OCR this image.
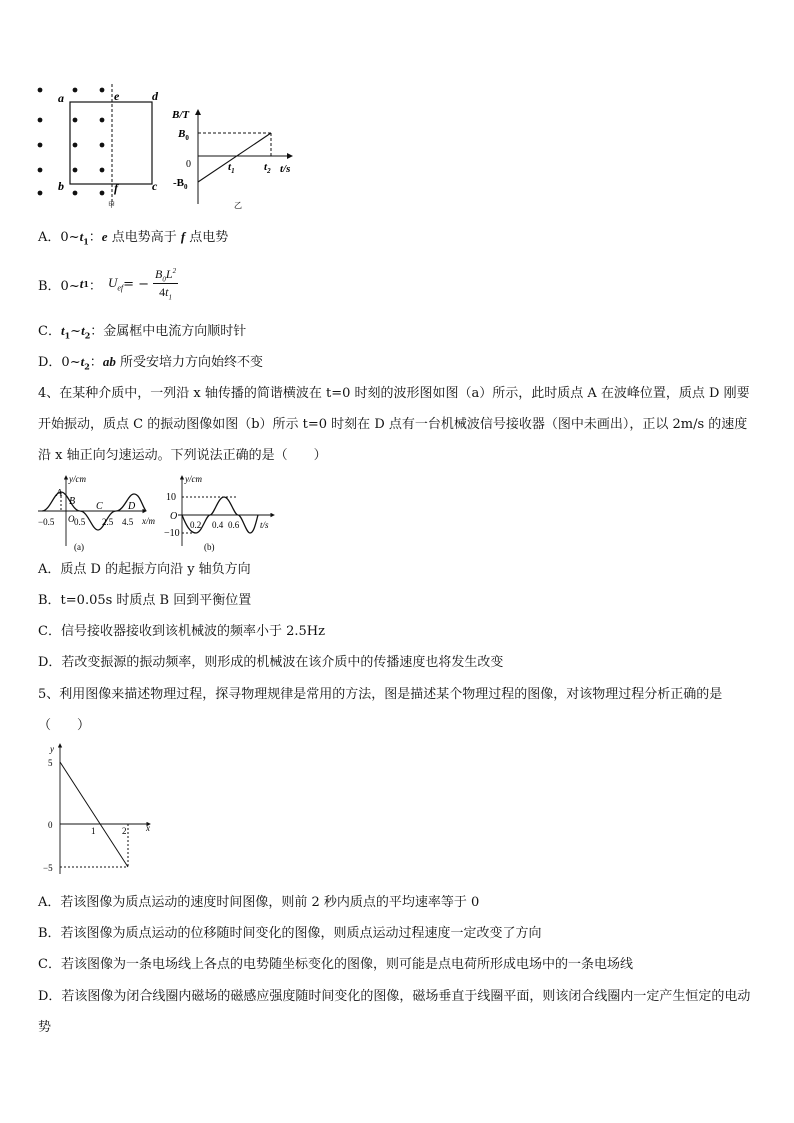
a	e	d
b	f	c
甲
B/T
$B_0$
0
$-B_0$
$t_1$	$t_2$ t/s
乙
A．$0\sim t_1$：e 点电势高于 f 点电势
B．0~ t 1 ： $U_{ef}$ = − $\frac{B_0L^2}{4t_1}$
C．$t_1\sim t_2$：金属框中电流方向顺时针
D．$0\sim t_2$：ab 所受安培力方向始终不变
4、在某种介质中，一列沿 x 轴传播的简谐横波在 t=0 时刻的波形图如图（a）所示，此时质点 A 在波峰位置，质点 D 刚要开始振动，质点 C 的振动图像如图（b）所示 t=0 时刻在 D 点有一台机械波信号接收器（图中未画出），正以 2m/s 的速度沿 x 轴正向匀速运动。下列说法正确的是（　　）
y/cm
A
B C	D
O
−0.5 0.5 2.5 4.5 x/m
(a)
y/cm
10
O
−10
0.2 0.4 0.6 t/s
(b)
A．质点 D 的起振方向沿 y 轴负方向
B．t=0.05s 时质点 B 回到平衡位置
C．信号接收器接收到该机械波的频率小于 2.5Hz
D．若改变振源的振动频率，则形成的机械波在该介质中的传播速度也将发生改变
5、利用图像来描述物理过程，探寻物理规律是常用的方法，图是描述某个物理过程的图像，对该物理过程分析正确的是（　　）
y
5
0
−5
1	2 x
A．若该图像为质点运动的速度时间图像，则前 2 秒内质点的平均速率等于 0
B．若该图像为质点运动的位移随时间变化的图像，则质点运动过程速度一定改变了方向
C．若该图像为一条电场线上各点的电势随坐标变化的图像，则可能是点电荷所形成电场中的一条电场线
D．若该图像为闭合线圈内磁场的磁感应强度随时间变化的图像，磁场垂直于线圈平面，则该闭合线圈内一定产生恒定的电动势
